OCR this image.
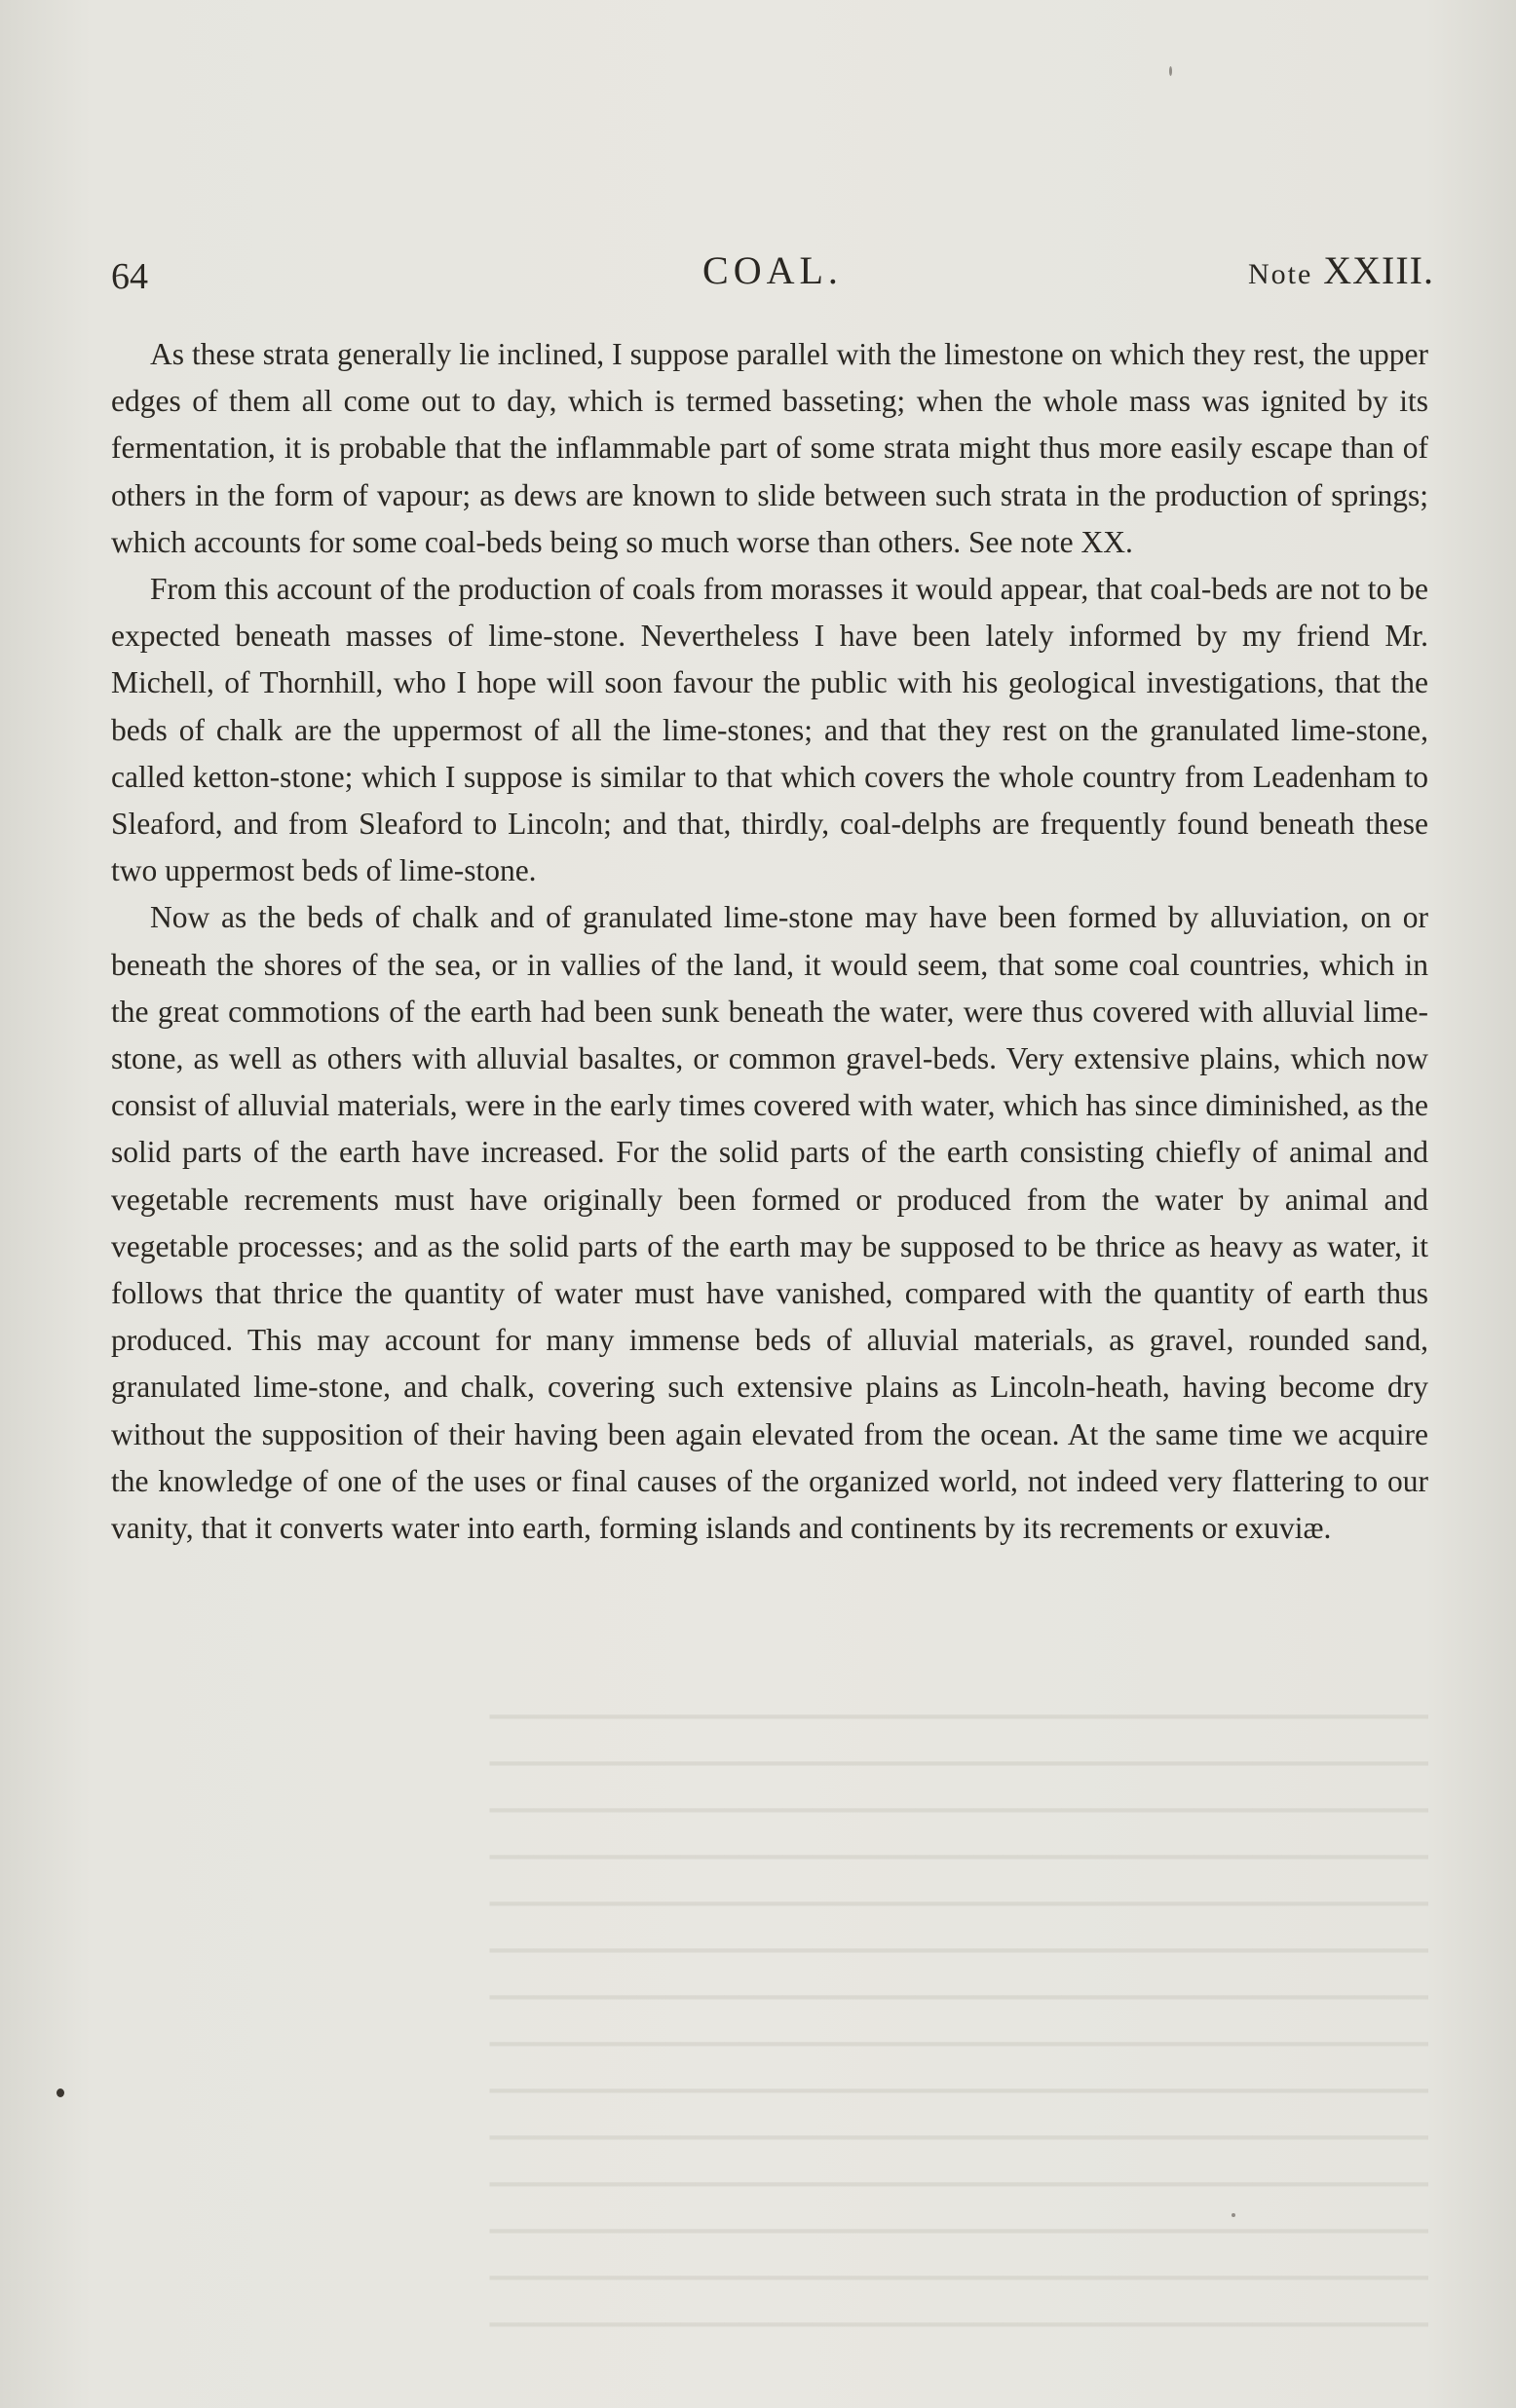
64	COAL.	Note XXIII.

As these strata generally lie inclined, I suppose parallel with the limestone on which they rest, the upper edges of them all come out to day, which is termed basseting; when the whole mass was ignited by its fermentation, it is probable that the inflammable part of some strata might thus more easily escape than of others in the form of vapour; as dews are known to slide between such strata in the production of springs; which accounts for some coal-beds being so much worse than others. See note XX.

From this account of the production of coals from morasses it would appear, that coal-beds are not to be expected beneath masses of lime-stone. Nevertheless I have been lately informed by my friend Mr. Michell, of Thornhill, who I hope will soon favour the public with his geological investigations, that the beds of chalk are the uppermost of all the lime-stones; and that they rest on the granulated lime-stone, called ketton-stone; which I suppose is similar to that which covers the whole country from Leadenham to Sleaford, and from Sleaford to Lincoln; and that, thirdly, coal-delphs are frequently found beneath these two uppermost beds of lime-stone.

Now as the beds of chalk and of granulated lime-stone may have been formed by alluviation, on or beneath the shores of the sea, or in vallies of the land, it would seem, that some coal countries, which in the great commotions of the earth had been sunk beneath the water, were thus covered with alluvial lime-stone, as well as others with alluvial basaltes, or common gravel-beds. Very extensive plains, which now consist of alluvial materials, were in the early times covered with water, which has since diminished, as the solid parts of the earth have increased. For the solid parts of the earth consisting chiefly of animal and vegetable recrements must have originally been formed or produced from the water by animal and vegetable processes; and as the solid parts of the earth may be supposed to be thrice as heavy as water, it follows that thrice the quantity of water must have vanished, compared with the quantity of earth thus produced. This may account for many immense beds of alluvial materials, as gravel, rounded sand, granulated lime-stone, and chalk, covering such extensive plains as Lincoln-heath, having become dry without the supposition of their having been again elevated from the ocean. At the same time we acquire the knowledge of one of the uses or final causes of the organized world, not indeed very flattering to our vanity, that it converts water into earth, forming islands and continents by its recrements or exuviæ.

━━━━━━━━━━━━━━━━━━━━━━━━━━━━━━━━━━━━━━━━━━━━━━━━━━━━━━━━━━━━━━━━
━━━━━━━━━━━━━━━━━━━━━━━━━━━━━━━━━━━━━━━━━━━━━━━━━━━━━━━━━━━━━━━━
━━━━━━━━━━━━━━━━━━━━━━━━━━━━━━━━━━━━━━━━━━━━━━━━━━━━━━━━━━━━━━━━
━━━━━━━━━━━━━━━━━━━━━━━━━━━━━━━━━━━━━━━━━━━━━━━━━━━━━━━━━━━━━━━━
━━━━━━━━━━━━━━━━━━━━━━━━━━━━━━━━━━━━━━━━━━━━━━━━━━━━━━━━━━━━━━━━
━━━━━━━━━━━━━━━━━━━━━━━━━━━━━━━━━━━━━━━━━━━━━━━━━━━━━━━━━━━━━━━━
━━━━━━━━━━━━━━━━━━━━━━━━━━━━━━━━━━━━━━━━━━━━━━━━━━━━━━━━━━━━━━━━
━━━━━━━━━━━━━━━━━━━━━━━━━━━━━━━━━━━━━━━━━━━━━━━━━━━━━━━━━━━━━━━━
━━━━━━━━━━━━━━━━━━━━━━━━━━━━━━━━━━━━━━━━━━━━━━━━━━━━━━━━━━━━━━━━
━━━━━━━━━━━━━━━━━━━━━━━━━━━━━━━━━━━━━━━━━━━━━━━━━━━━━━━━━━━━━━━━
━━━━━━━━━━━━━━━━━━━━━━━━━━━━━━━━━━━━━━━━━━━━━━━━━━━━━━━━━━━━━━━━
━━━━━━━━━━━━━━━━━━━━━━━━━━━━━━━━━━━━━━━━━━━━━━━━━━━━━━━━━━━━━━━━
━━━━━━━━━━━━━━━━━━━━━━━━━━━━━━━━━━━━━━━━━━━━━━━━━━━━━━━━━━━━━━━━
━━━━━━━━━━━━━━━━━━━━━━━━━━━━━━━━━━━━━━━━━━━━━━━━━━━━━━━━━━━━━━━━
